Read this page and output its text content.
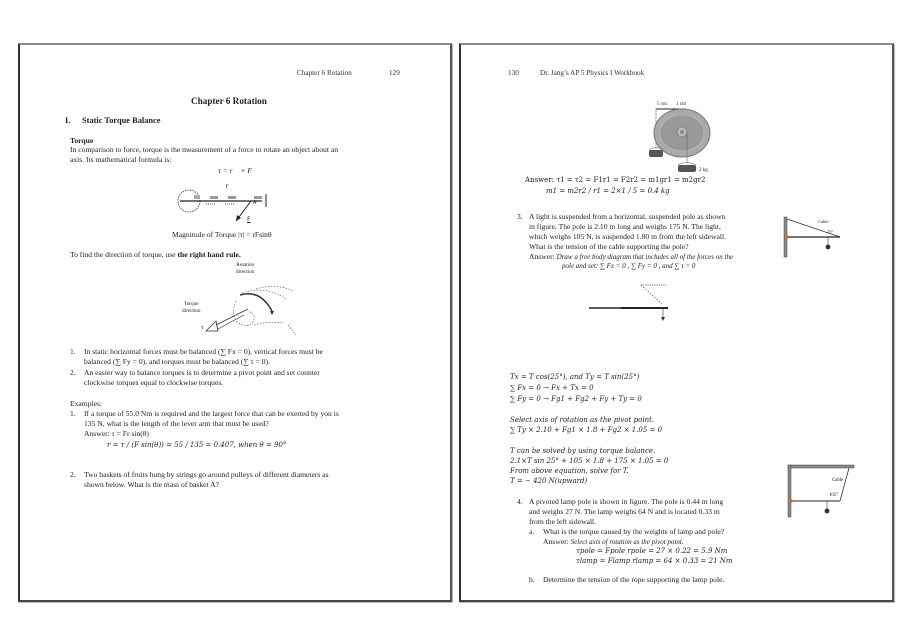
Chapter 6 Rotation	129
Chapter 6 Rotation
I. Static Torque Balance
Torque
In comparison to force, torque is the measurement of a force to rotate an object about an
axis. Its mathematical formula is:
τ = r⃗ × F⃗
r
A
F
Magnitude of Torque |τ| = rFsinθ
To find the direction of torque, use the right hand rule.
Rotation
direction
Torque
direction
τ
1. In static horizontal forces must be balanced (∑ Fx = 0), vertical forces must be
balanced (∑ Fy = 0), and torques must be balanced (∑ τ = 0).
2. An easier way to balance torques is to determine a pivot point and set counter
clockwise torques equal to clockwise torques.
Examples:
1. If a torque of 55.0 Nm is required and the largest force that can be exerted by you is
135 N, what is the length of the lever arm that must be used?
Answer: τ = Fr sin(θ)
r = τ / (F sin(θ)) = 55 / 135 = 0.407, when θ = 90°
2. Two baskets of fruits hung by strings go around pulleys of different diameters as
shown below. What is the mass of basket A?
130	Dr. Jang’s AP 5 Physics I Workbook
5 cm 1 cm
2 kg
Answer: τ1 = τ2 = F1r1 = F2r2 = m1gr1 = m2gr2
m1 = m2r2 / r1 = 2×1 / 5 = 0.4 kg
3. A light is suspended from a horizontal, suspended pole as shown
in figure. The pole is 2.10 m long and weighs 175 N. The light,
which weighs 105 N, is suspended 1.80 m from the left sidewall.
What is the tension of the cable supporting the pole?
Answer: Draw a free body diagram that includes all of the forces on the
pole and set: ∑ Fx = 0 , ∑ Fy = 0 , and ∑ τ = 0
Cable
25°
Tx = T cos(25°), and Ty = T sin(25°)
∑ Fx = 0 → Fx + Tx = 0
∑ Fy = 0 → Fg1 + Fg2 + Fy + Ty = 0
Select axis of rotation as the pivot point.
∑ Ty × 2.10 + Fg1 × 1.8 + Fg2 × 1.05 = 0
T can be solved by using torque balance.
2.1×T sin 25° + 105 × 1.8 + 175 × 1.05 = 0
From above equation, solve for T.
T = − 420 N(upward)
4. A pivoted lamp pole is shown in figure. The pole is 0.44 m long
and weighs 27 N. The lamp weighs 64 N and is located 0.33 m
from the left sidewall.
a. What is the torque caused by the weights of lamp and pole?
Answer: Select axis of rotation as the pivot point.
τpole = Fpole rpole = 27 × 0.22 = 5.9 Nm
τlamp = Flamp rlamp = 64 × 0.33 = 21 Nm
b. Determine the tension of the rope supporting the lamp pole.
Cable
105°
